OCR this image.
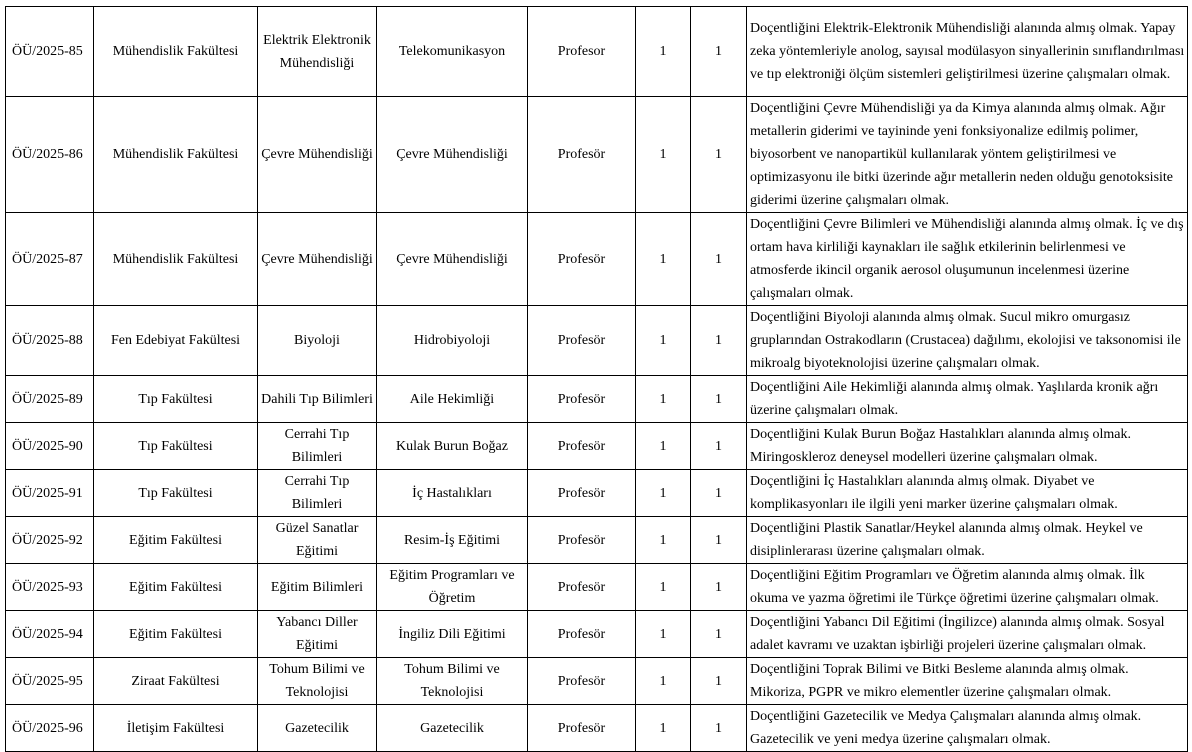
ÖÜ/2025-85	Mühendislik Fakültesi	Elektrik Elektronik Mühendisliği	Telekomunikasyon	Profesor	1	1	Doçentliğini Elektrik-Elektronik Mühendisliği alanında almış olmak. Yapay zeka yöntemleriyle anolog, sayısal modülasyon sinyallerinin sınıflandırılması ve tıp elektroniği ölçüm sistemleri geliştirilmesi üzerine çalışmaları olmak.
ÖÜ/2025-86	Mühendislik Fakültesi	Çevre Mühendisliği	Çevre Mühendisliği	Profesör	1	1	Doçentliğini Çevre Mühendisliği ya da Kimya alanında almış olmak. Ağır metallerin giderimi ve tayininde yeni fonksiyonalize edilmiş polimer, biyosorbent ve nanopartikül kullanılarak yöntem geliştirilmesi ve optimizasyonu ile bitki üzerinde ağır metallerin neden olduğu genotoksisite giderimi üzerine çalışmaları olmak.
ÖÜ/2025-87	Mühendislik Fakültesi	Çevre Mühendisliği	Çevre Mühendisliği	Profesör	1	1	Doçentliğini Çevre Bilimleri ve Mühendisliği alanında almış olmak. İç ve dış ortam hava kirliliği kaynakları ile sağlık etkilerinin belirlenmesi ve atmosferde ikincil organik aerosol oluşumunun incelenmesi üzerine çalışmaları olmak.
ÖÜ/2025-88	Fen Edebiyat Fakültesi	Biyoloji	Hidrobiyoloji	Profesör	1	1	Doçentliğini Biyoloji alanında almış olmak. Sucul mikro omurgasız gruplarından Ostrakodların (Crustacea) dağılımı, ekolojisi ve taksonomisi ile mikroalg biyoteknolojisi üzerine çalışmaları olmak.
ÖÜ/2025-89	Tıp Fakültesi	Dahili Tıp Bilimleri	Aile Hekimliği	Profesör	1	1	Doçentliğini Aile Hekimliği alanında almış olmak. Yaşlılarda kronik ağrı üzerine çalışmaları olmak.
ÖÜ/2025-90	Tıp Fakültesi	Cerrahi Tıp Bilimleri	Kulak Burun Boğaz	Profesör	1	1	Doçentliğini Kulak Burun Boğaz Hastalıkları alanında almış olmak. Miringoskleroz deneysel modelleri üzerine çalışmaları olmak.
ÖÜ/2025-91	Tıp Fakültesi	Cerrahi Tıp Bilimleri	İç Hastalıkları	Profesör	1	1	Doçentliğini İç Hastalıkları alanında almış olmak. Diyabet ve komplikasyonları ile ilgili yeni marker üzerine çalışmaları olmak.
ÖÜ/2025-92	Eğitim Fakültesi	Güzel Sanatlar Eğitimi	Resim-İş Eğitimi	Profesör	1	1	Doçentliğini Plastik Sanatlar/Heykel alanında almış olmak. Heykel ve disiplinlerarası üzerine çalışmaları olmak.
ÖÜ/2025-93	Eğitim Fakültesi	Eğitim Bilimleri	Eğitim Programları ve Öğretim	Profesör	1	1	Doçentliğini Eğitim Programları ve Öğretim alanında almış olmak. İlk okuma ve yazma öğretimi ile Türkçe öğretimi üzerine çalışmaları olmak.
ÖÜ/2025-94	Eğitim Fakültesi	Yabancı Diller Eğitimi	İngiliz Dili Eğitimi	Profesör	1	1	Doçentliğini Yabancı Dil Eğitimi (İngilizce) alanında almış olmak. Sosyal adalet kavramı ve uzaktan işbirliği projeleri üzerine çalışmaları olmak.
ÖÜ/2025-95	Ziraat Fakültesi	Tohum Bilimi ve Teknolojisi	Tohum Bilimi ve Teknolojisi	Profesör	1	1	Doçentliğini Toprak Bilimi ve Bitki Besleme alanında almış olmak. Mikoriza, PGPR ve mikro elementler üzerine çalışmaları olmak.
ÖÜ/2025-96	İletişim Fakültesi	Gazetecilik	Gazetecilik	Profesör	1	1	Doçentliğini Gazetecilik ve Medya Çalışmaları alanında almış olmak. Gazetecilik ve yeni medya üzerine çalışmaları olmak.
